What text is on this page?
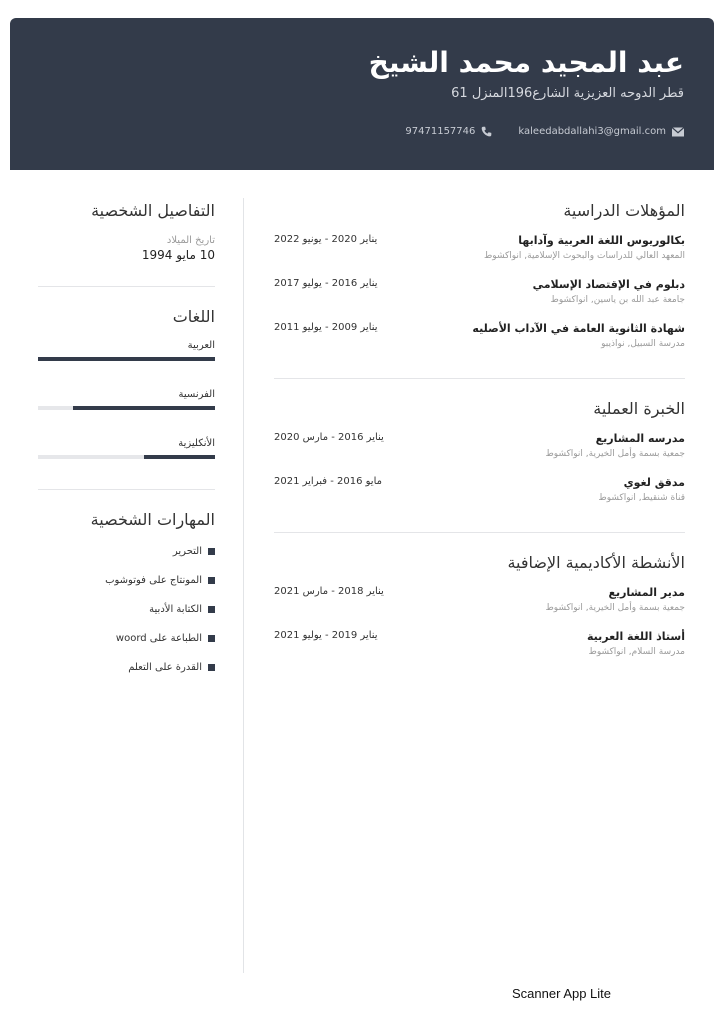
عبد المجيد محمد الشيخ
قطر الدوحه العزيزية الشارع196المنزل 61
97471157746	kaleedabdallahi3@gmail.com
التفاصيل الشخصية
تاريخ الميلاد
10 مايو 1994
اللغات
العربية
الفرنسية
الأنكليزية
المهارات الشخصية
التحرير
المونتاج على فوتوشوب
الكتابة الأدبية
الطباعة على woord
القدرة على التعلم
المؤهلات الدراسية
بكالوريوس اللغة العربية وآدابها
المعهد العالي للدراسات والبحوث الإسلامية, انواكشوط
يناير 2020 - يونيو 2022
دبلوم في الإقتصاد الإسلامي
جامعة عبد الله بن ياسين, انواكشوط
يناير 2016 - يوليو 2017
شهادة الثانوية العامة في الآداب الأصليه
مدرسة السبيل, نواذيبو
يناير 2009 - يوليو 2011
الخبرة العملية
مدرسه المشاريع
جمعية بسمة وأمل الخيرية, انواكشوط
يناير 2016 - مارس 2020
مدقق لغوي
قناة شنقيط, انواكشوط
مايو 2016 - فبراير 2021
الأنشطة الأكاديمية الإضافية
مدير المشاريع
جمعية بسمة وأمل الخيرية, انواكشوط
يناير 2018 - مارس 2021
أستاذ اللغة العربية
مدرسة السلام, انواكشوط
يناير 2019 - يوليو 2021
Scanner App Lite
